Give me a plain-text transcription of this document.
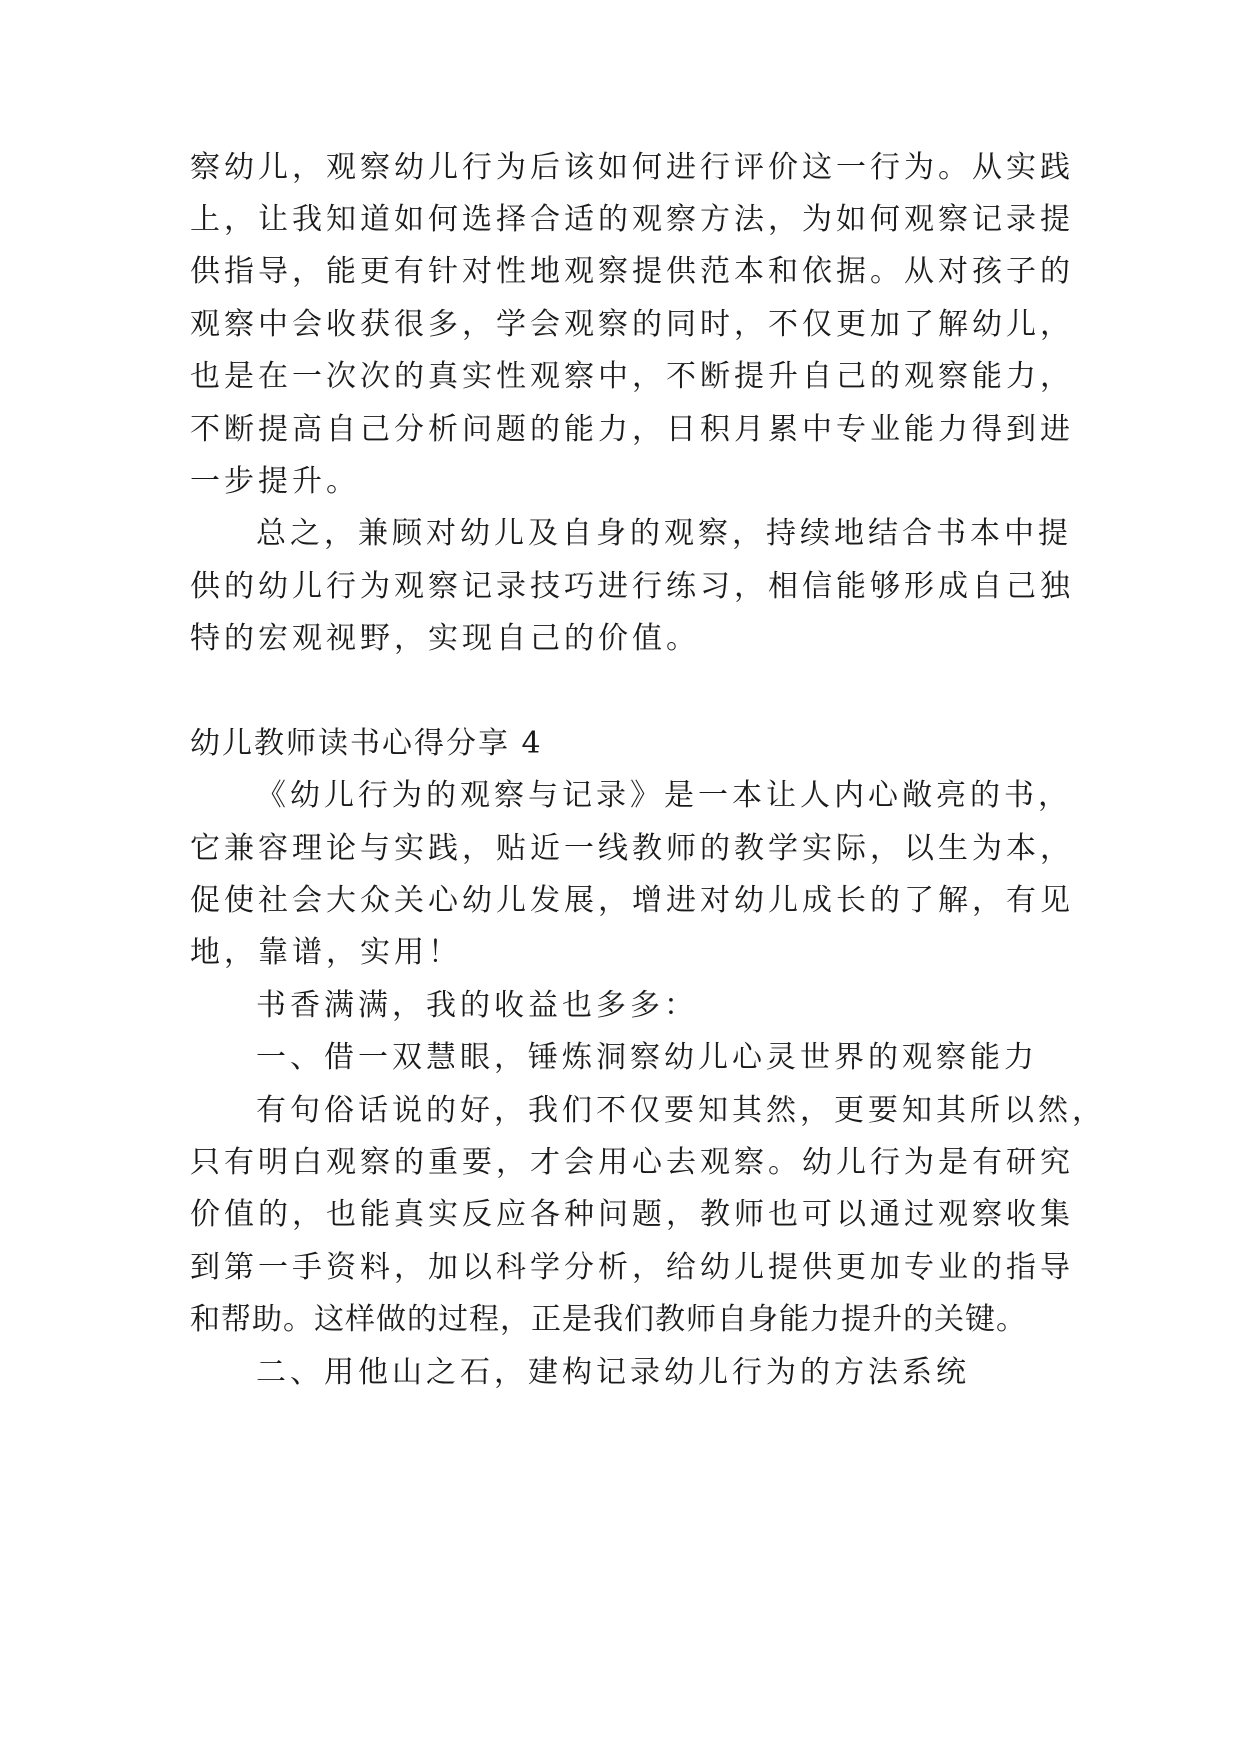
察幼儿，观察幼儿行为后该如何进行评价这一行为。从实践
上，让我知道如何选择合适的观察方法，为如何观察记录提
供指导，能更有针对性地观察提供范本和依据。从对孩子的
观察中会收获很多，学会观察的同时，不仅更加了解幼儿，
也是在一次次的真实性观察中，不断提升自己的观察能力，
不断提高自己分析问题的能力，日积月累中专业能力得到进
一步提升。
总之，兼顾对幼儿及自身的观察，持续地结合书本中提
供的幼儿行为观察记录技巧进行练习，相信能够形成自己独
特的宏观视野，实现自己的价值。
幼儿教师读书心得分享 4
《幼儿行为的观察与记录》是一本让人内心敞亮的书，
它兼容理论与实践，贴近一线教师的教学实际，以生为本，
促使社会大众关心幼儿发展，增进对幼儿成长的了解，有见
地，靠谱，实用！
书香满满，我的收益也多多：
一、借一双慧眼，锤炼洞察幼儿心灵世界的观察能力
有句俗话说的好，我们不仅要知其然，更要知其所以然，
只有明白观察的重要，才会用心去观察。幼儿行为是有研究
价值的，也能真实反应各种问题，教师也可以通过观察收集
到第一手资料，加以科学分析，给幼儿提供更加专业的指导
和帮助。这样做的过程，正是我们教师自身能力提升的关键。
二、用他山之石，建构记录幼儿行为的方法系统
